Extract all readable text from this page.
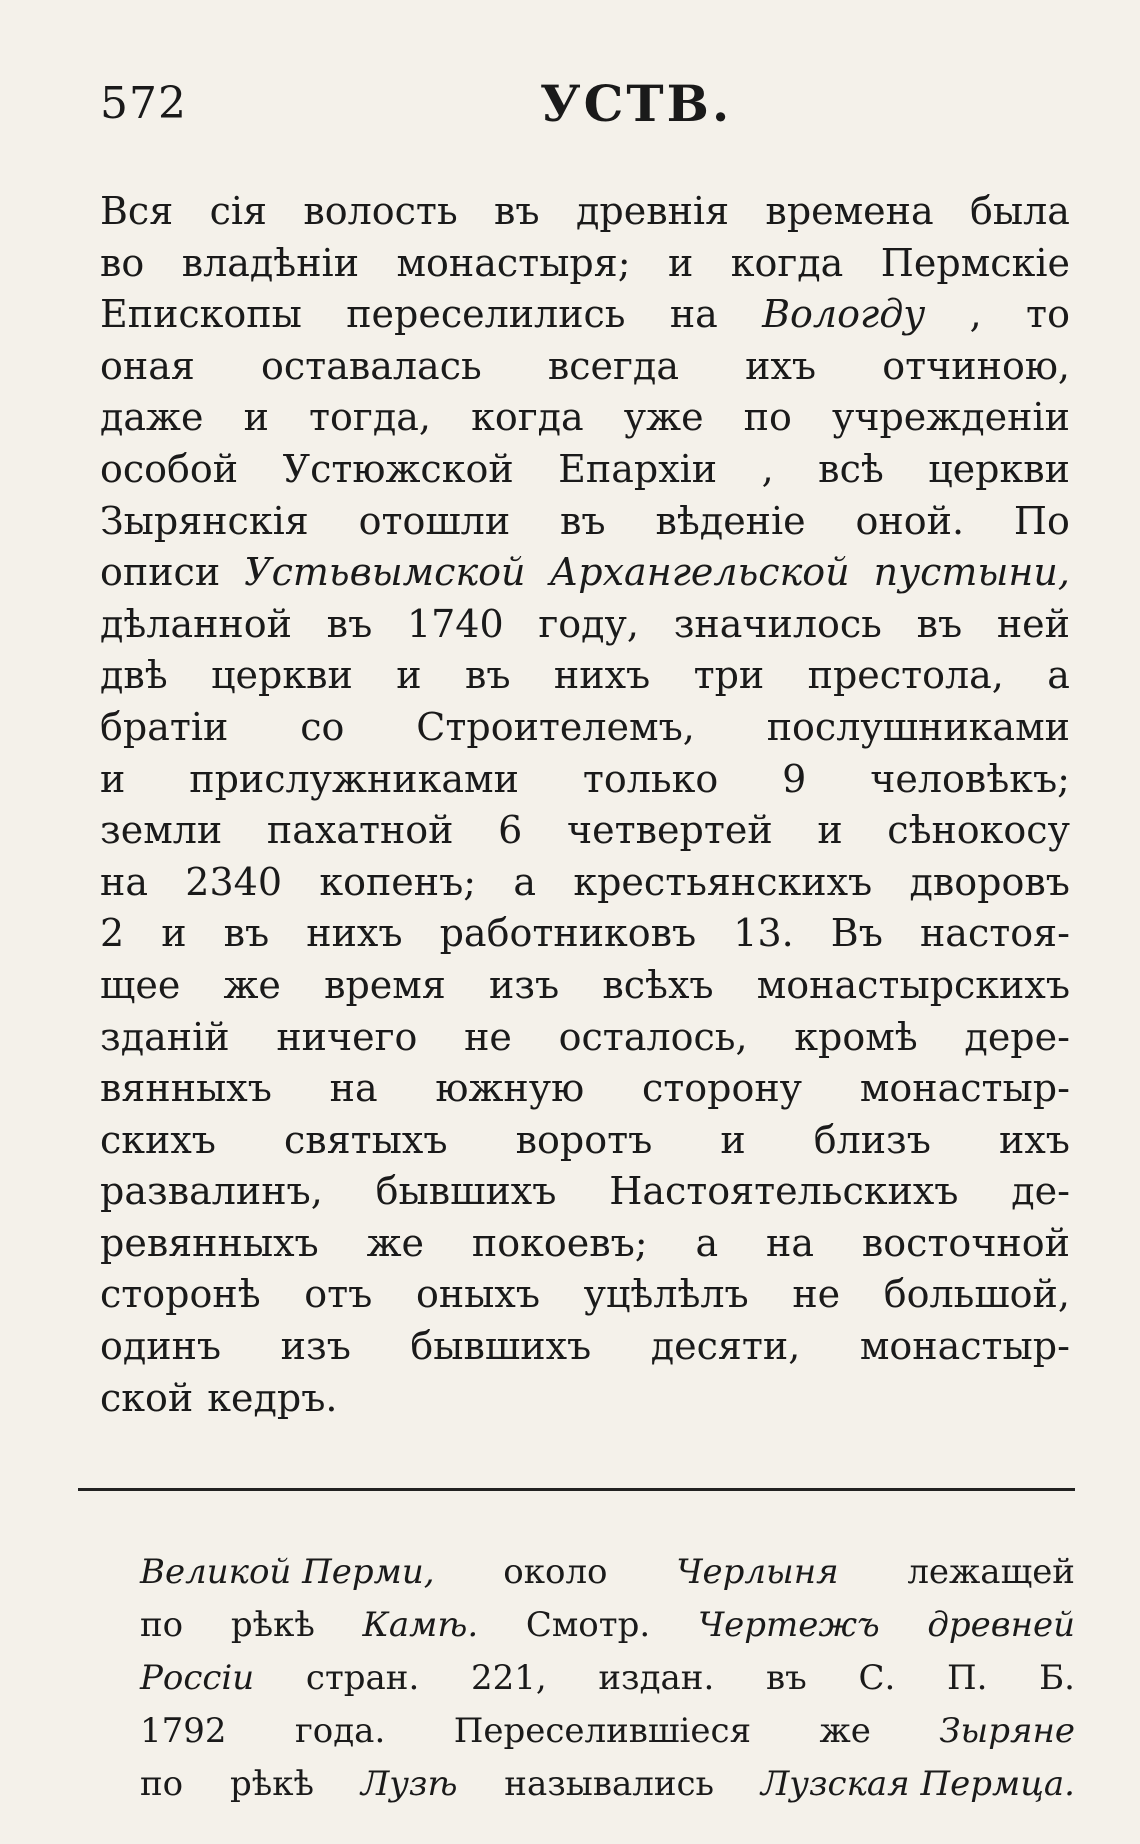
572	УСТВ.
Вся сія волость въ древнія времена была
во владѣніи монастыря; и когда Пермскіе
Епископы переселились на Вологду , то
оная оставалась всегда ихъ отчиною,
даже и тогда, когда уже по учрежденіи
особой Устюжской Епархіи , всѣ церкви
Зырянскія отошли въ вѣденіе оной. По
описи Устьвымской Архангельской пустыни,
дѣланной въ 1740 году, значилось въ ней
двѣ церкви и въ нихъ три престола, а
братіи со Строителемъ, послушниками
и прислужниками только 9 человѣкъ;
земли пахатной 6 четвертей и сѣнокосу
на 2340 копенъ; а крестьянскихъ дворовъ
2 и въ нихъ работниковъ 13. Въ настоя-
щее же время изъ всѣхъ монастырскихъ
зданій ничего не осталось, кромѣ дере-
вянныхъ на южную сторону монастыр-
скихъ святыхъ воротъ и близъ ихъ
развалинъ, бывшихъ Настоятельскихъ де-
ревянныхъ же покоевъ; а на восточной
сторонѣ отъ оныхъ уцѣлѣлъ не большой,
одинъ изъ бывшихъ десяти, монастыр-
ской кедръ.
Великой Перми, около Черлыня лежащей
по рѣкѣ Камѣ. Смотр. Чертежъ древней
Россіи стран. 221, издан. въ С. П. Б.
1792 года. Переселившіеся же Зыряне
по рѣкѣ Лузѣ назывались Лузская Пермца.
